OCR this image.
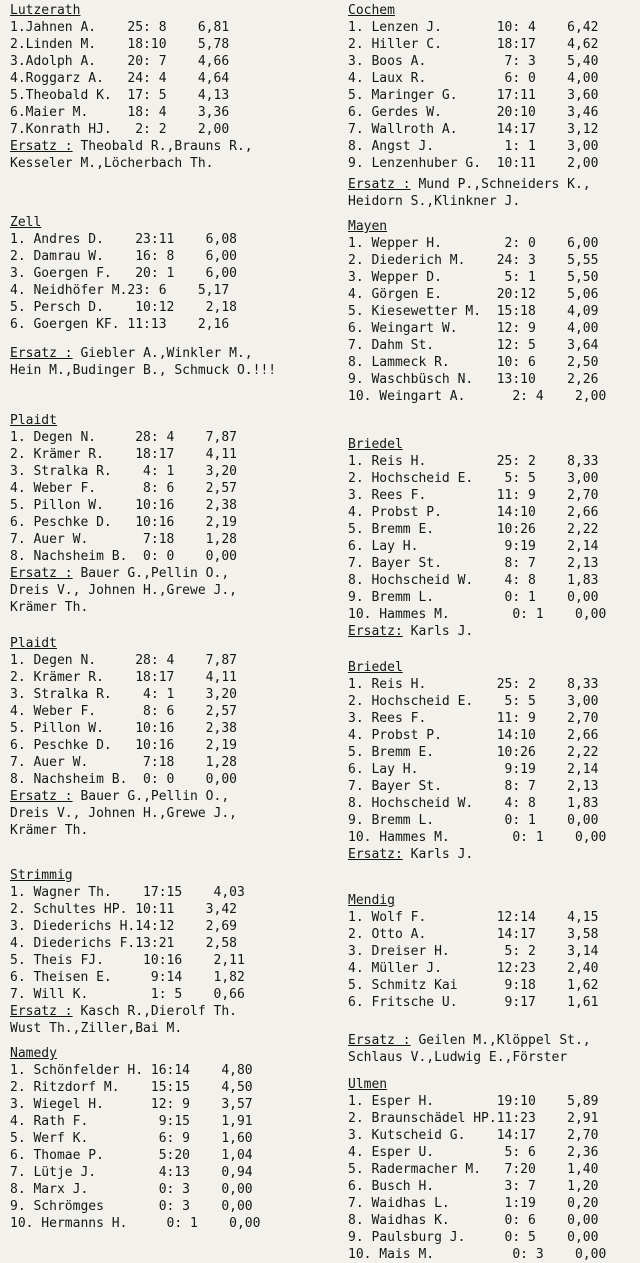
Lutzerath
1.Jahnen A.    25: 8    6,81
2.Linden M.    18:10    5,78
3.Adolph A.    20: 7    4,66
4.Roggarz A.   24: 4    4,64
5.Theobald K.  17: 5    4,13
6.Maier M.     18: 4    3,36
7.Konrath HJ.   2: 2    2,00
Ersatz : Theobald R.,Brauns R.,
Kesseler M.,Löcherbach Th.
Zell
1. Andres D.    23:11    6,08
2. Damrau W.    16: 8    6,00
3. Goergen F.   20: 1    6,00
4. Neidhöfer M.23: 6    5,17
5. Persch D.    10:12    2,18
6. Goergen KF. 11:13    2,16
Ersatz : Giebler A.,Winkler M.,
Hein M.,Budinger B., Schmuck O.!!!
Plaidt
1. Degen N.     28: 4    7,87
2. Krämer R.    18:17    4,11
3. Stralka R.    4: 1    3,20
4. Weber F.      8: 6    2,57
5. Pillon W.    10:16    2,38
6. Peschke D.   10:16    2,19
7. Auer W.       7:18    1,28
8. Nachsheim B.  0: 0    0,00
Ersatz : Bauer G.,Pellin O.,
Dreis V., Johnen H.,Grewe J.,
Krämer Th.
Plaidt
1. Degen N.     28: 4    7,87
2. Krämer R.    18:17    4,11
3. Stralka R.    4: 1    3,20
4. Weber F.      8: 6    2,57
5. Pillon W.    10:16    2,38
6. Peschke D.   10:16    2,19
7. Auer W.       7:18    1,28
8. Nachsheim B.  0: 0    0,00
Ersatz : Bauer G.,Pellin O.,
Dreis V., Johnen H.,Grewe J.,
Krämer Th.
Strimmig
1. Wagner Th.    17:15    4,03
2. Schultes HP. 10:11    3,42
3. Diederichs H.14:12    2,69
4. Diederichs F.13:21    2,58
5. Theis FJ.     10:16    2,11
6. Theisen E.     9:14    1,82
7. Will K.        1: 5    0,66
Ersatz : Kasch R.,Dierolf Th.
Wust Th.,Ziller,Bai M.
Namedy
1. Schönfelder H. 16:14    4,80
2. Ritzdorf M.    15:15    4,50
3. Wiegel H.      12: 9    3,57
4. Rath F.         9:15    1,91
5. Werf K.         6: 9    1,60
6. Thomae P.       5:20    1,04
7. Lütje J.        4:13    0,94
8. Marx J.         0: 3    0,00
9. Schrömges       0: 3    0,00
10. Hermanns H.     0: 1    0,00
Cochem
1. Lenzen J.       10: 4    6,42
2. Hiller C.       18:17    4,62
3. Boos A.          7: 3    5,40
4. Laux R.          6: 0    4,00
5. Maringer G.     17:11    3,60
6. Gerdes W.       20:10    3,46
7. Wallroth A.     14:17    3,12
8. Angst J.         1: 1    3,00
9. Lenzenhuber G.  10:11    2,00
Ersatz : Mund P.,Schneiders K.,
Heidorn S.,Klinkner J.
Mayen
1. Wepper H.        2: 0    6,00
2. Diederich M.    24: 3    5,55
3. Wepper D.        5: 1    5,50
4. Görgen E.       20:12    5,06
5. Kiesewetter M.  15:18    4,09
6. Weingart W.     12: 9    4,00
7. Dahm St.        12: 5    3,64
8. Lammeck R.      10: 6    2,50
9. Waschbüsch N.   13:10    2,26
10. Weingart A.      2: 4    2,00
Briedel
1. Reis H.         25: 2    8,33
2. Hochscheid E.    5: 5    3,00
3. Rees F.         11: 9    2,70
4. Probst P.       14:10    2,66
5. Bremm E.        10:26    2,22
6. Lay H.           9:19    2,14
7. Bayer St.        8: 7    2,13
8. Hochscheid W.    4: 8    1,83
9. Bremm L.         0: 1    0,00
10. Hammes M.        0: 1    0,00
Ersatz: Karls J.
Briedel
1. Reis H.         25: 2    8,33
2. Hochscheid E.    5: 5    3,00
3. Rees F.         11: 9    2,70
4. Probst P.       14:10    2,66
5. Bremm E.        10:26    2,22
6. Lay H.           9:19    2,14
7. Bayer St.        8: 7    2,13
8. Hochscheid W.    4: 8    1,83
9. Bremm L.         0: 1    0,00
10. Hammes M.        0: 1    0,00
Ersatz: Karls J.
Mendig
1. Wolf F.         12:14    4,15
2. Otto A.         14:17    3,58
3. Dreiser H.       5: 2    3,14
4. Müller J.       12:23    2,40
5. Schmitz Kai      9:18    1,62
6. Fritsche U.      9:17    1,61
Ersatz : Geilen M.,Klöppel St.,
Schlaus V.,Ludwig E.,Förster
Ulmen
1. Esper H.        19:10    5,89
2. Braunschädel HP.11:23    2,91
3. Kutscheid G.    14:17    2,70
4. Esper U.         5: 6    2,36
5. Radermacher M.   7:20    1,40
6. Busch H.         3: 7    1,20
7. Waidhas L.       1:19    0,20
8. Waidhas K.       0: 6    0,00
9. Paulsburg J.     0: 5    0,00
10. Mais M.          0: 3    0,00
